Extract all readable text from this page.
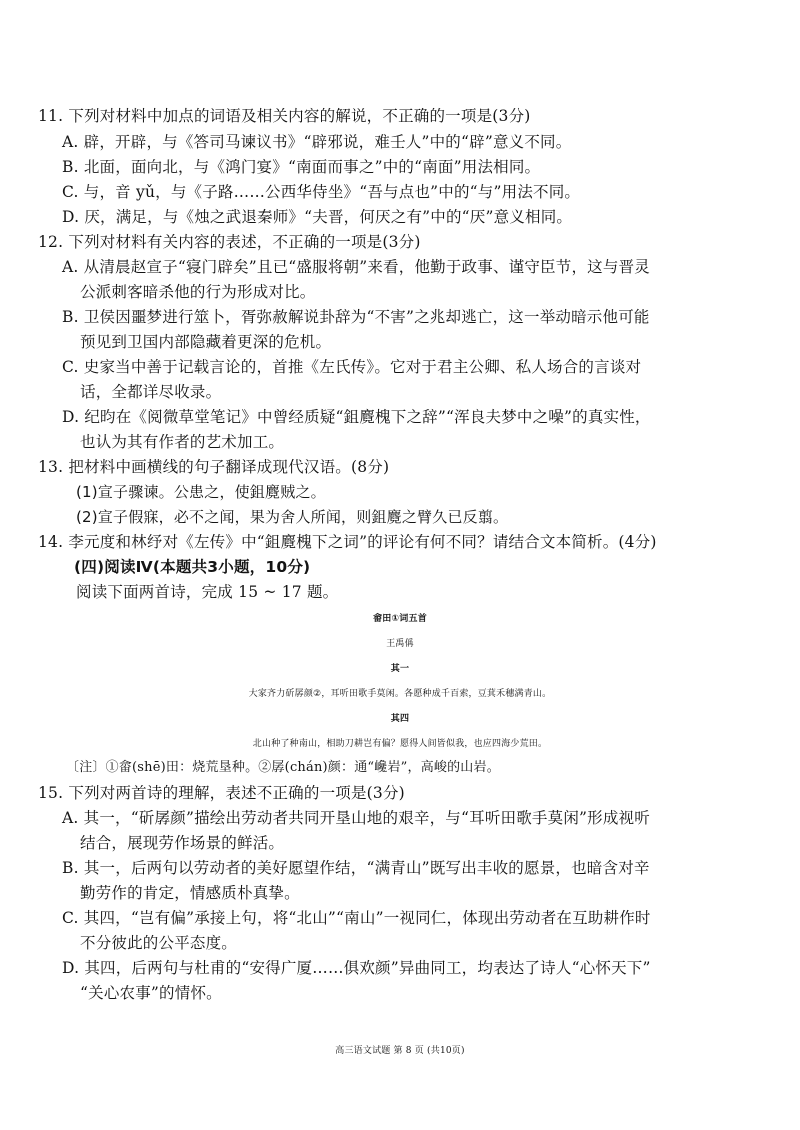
11. 下列对材料中加点的词语及相关内容的解说，不正确的一项是(3分)
A. 辟，开辟，与《答司马谏议书》“辟邪说，难壬人”中的“辟”意义不同。
B. 北面，面向北，与《鸿门宴》“南面而事之”中的“南面”用法相同。
C. 与，音 yǔ，与《子路……公西华侍坐》“吾与点也”中的“与”用法不同。
D. 厌，满足，与《烛之武退秦师》“夫晋，何厌之有”中的“厌”意义相同。
12. 下列对材料有关内容的表述，不正确的一项是(3分)
A. 从清晨赵宣子“寝门辟矣”且已“盛服将朝”来看，他勤于政事、谨守臣节，这与晋灵
公派刺客暗杀他的行为形成对比。
B. 卫侯因噩梦进行筮卜，胥弥赦解说卦辞为“不害”之兆却逃亡，这一举动暗示他可能
预见到卫国内部隐藏着更深的危机。
C. 史家当中善于记载言论的，首推《左氏传》。它对于君主公卿、私人场合的言谈对
话，全都详尽收录。
D. 纪昀在《阅微草堂笔记》中曾经质疑“鉏麑槐下之辞”“浑良夫梦中之噪”的真实性，
也认为其有作者的艺术加工。
13. 把材料中画横线的句子翻译成现代汉语。(8分)
(1)宣子骤谏。公患之，使鉏麑贼之。
(2)宣子假寐，必不之闻，果为舍人所闻，则鉏麑之臂久已反翦。
14. 李元度和林纾对《左传》中“鉏麑槐下之词”的评论有何不同？请结合文本简析。(4分)
(四)阅读Ⅳ(本题共3小题，10分)
阅读下面两首诗，完成 15 ~ 17 题。
畲田①词五首
王禹偁
其一
大家齐力斫孱颜②，耳听田歌手莫闲。各愿种成千百索，豆萁禾穗满青山。
其四
北山种了种南山，相助刀耕岂有偏？愿得人间皆似我，也应四海少荒田。
〔注〕①畲(shē)田：烧荒垦种。②孱(chán)颜：通“巉岩”，高峻的山岩。
15. 下列对两首诗的理解，表述不正确的一项是(3分)
A. 其一，“斫孱颜”描绘出劳动者共同开垦山地的艰辛，与“耳听田歌手莫闲”形成视听
结合，展现劳作场景的鲜活。
B. 其一，后两句以劳动者的美好愿望作结，“满青山”既写出丰收的愿景，也暗含对辛
勤劳作的肯定，情感质朴真挚。
C. 其四，“岂有偏”承接上句，将“北山”“南山”一视同仁，体现出劳动者在互助耕作时
不分彼此的公平态度。
D. 其四，后两句与杜甫的“安得广厦……俱欢颜”异曲同工，均表达了诗人“心怀天下”
“关心农事”的情怀。
高三语文试题 第 8 页 (共10页)
